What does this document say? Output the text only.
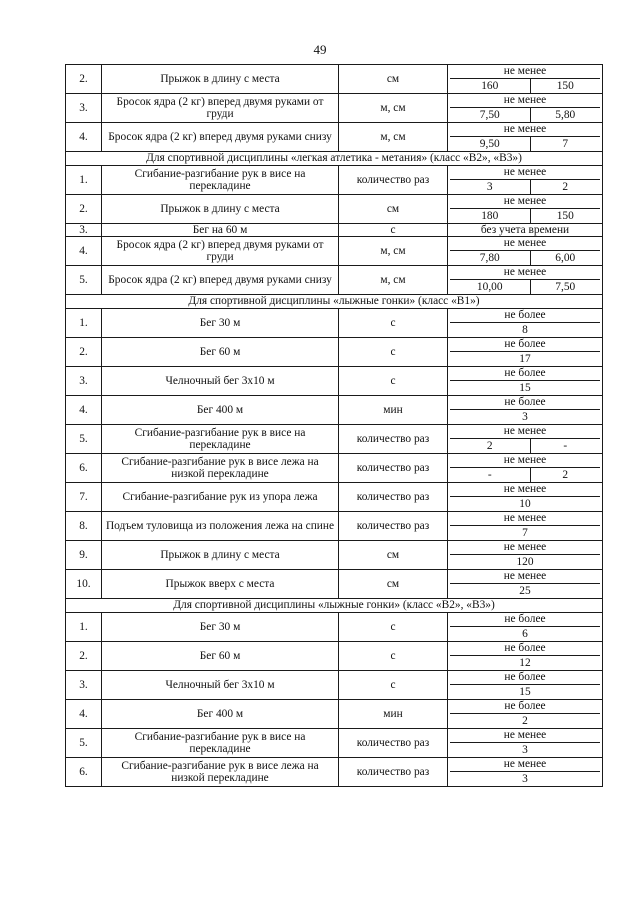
49
2.	Прыжок в длину с места	см	не менее
160 150

3.	Бросок ядра (2 кг) вперед двумя руками от груди	м, см	не менее
7,50 5,80

4.	Бросок ядра (2 кг) вперед двумя руками снизу	м, см	не менее
9,50 7

Для спортивной дисциплины «легкая атлетика - метания» (класс «В2», «В3»)			
1.	Сгибание-разгибание рук в висе на перекладине	количество раз	не менее
3 2

2.	Прыжок в длину с места	см	не менее
180 150

3.	Бег на 60 м	с	без учета времени
4.	Бросок ядра (2 кг) вперед двумя руками от груди	м, см	не менее
7,80 6,00

5.	Бросок ядра (2 кг) вперед двумя руками снизу	м, см	не менее
10,00 7,50

Для спортивной дисциплины «лыжные гонки» (класс «В1»)			
1.	Бег 30 м	с	не более
8

2.	Бег 60 м	с	не более
17

3.	Челночный бег 3х10 м	с	не более
15

4.	Бег 400 м	мин	не более
3

5.	Сгибание-разгибание рук в висе на перекладине	количество раз	не менее
2 -

6.	Сгибание-разгибание рук в висе лежа на низкой перекладине	количество раз	не менее
- 2

7.	Сгибание-разгибание рук из упора лежа	количество раз	не менее
10

8.	Подъем туловища из положения лежа на спине	количество раз	не менее
7

9.	Прыжок в длину с места	см	не менее
120

10.	Прыжок вверх с места	см	не менее
25

Для спортивной дисциплины «лыжные гонки» (класс «В2», «В3»)			
1.	Бег 30 м	с	не более
6

2.	Бег 60 м	с	не более
12

3.	Челночный бег 3х10 м	с	не более
15

4.	Бег 400 м	мин	не более
2

5.	Сгибание-разгибание рук в висе на перекладине	количество раз	не менее
3

6.	Сгибание-разгибание рук в висе лежа на низкой перекладине	количество раз	не менее
3
